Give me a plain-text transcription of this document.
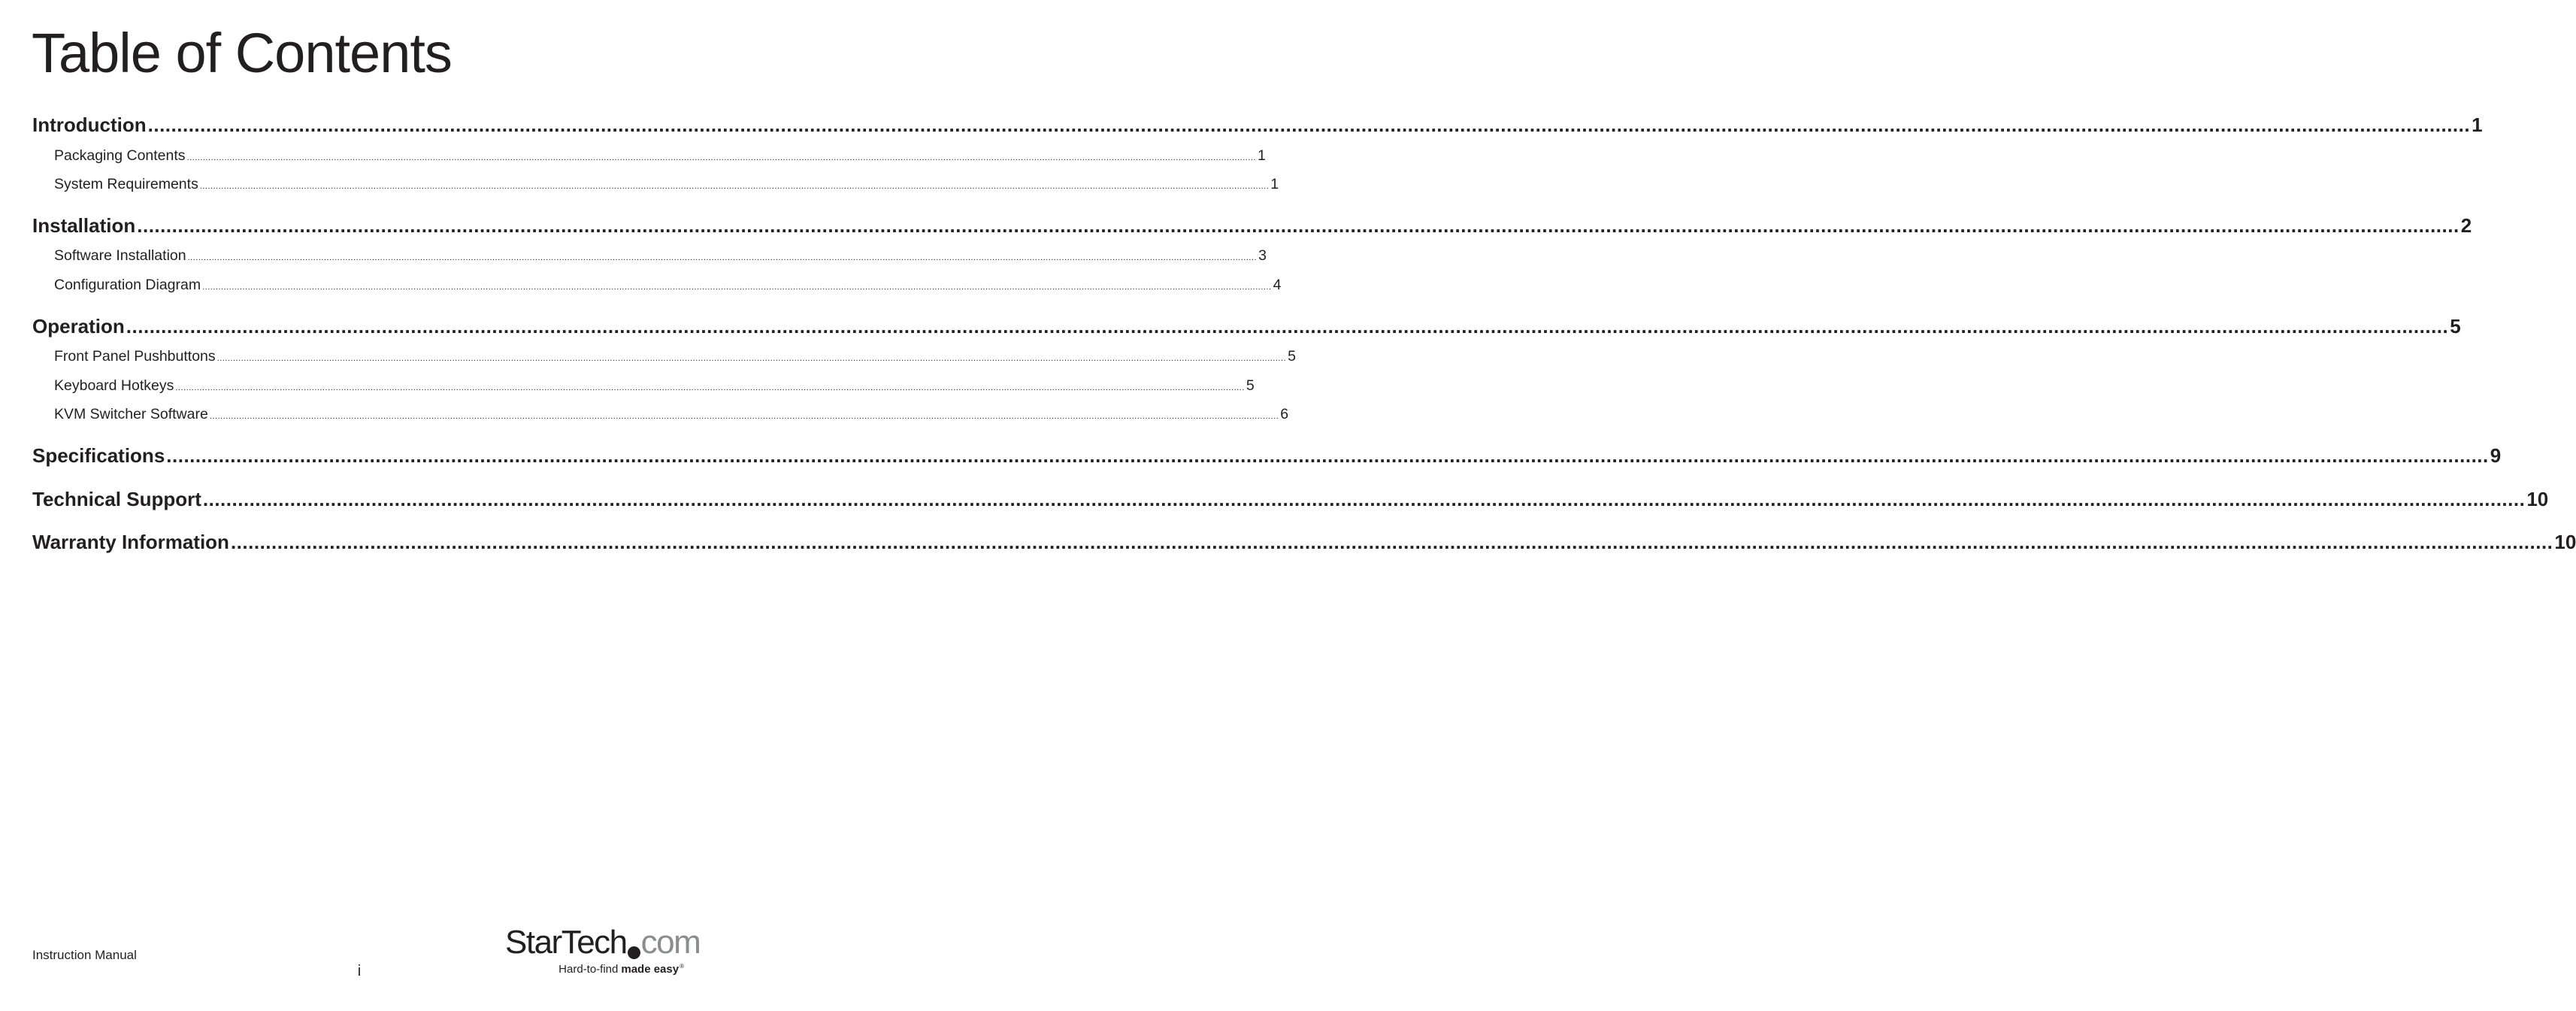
Table of Contents
Introduction ................................................................................................................................................................................................................................................................................................................................................................................................................ 1
Packaging Contents ................................................................................................................................................................................................................................................................................................................................................................................................................ 1
System Requirements ................................................................................................................................................................................................................................................................................................................................................................................................................ 1
Installation ................................................................................................................................................................................................................................................................................................................................................................................................................ 2
Software Installation ................................................................................................................................................................................................................................................................................................................................................................................................................ 3
Configuration Diagram ................................................................................................................................................................................................................................................................................................................................................................................................................ 4
Operation ................................................................................................................................................................................................................................................................................................................................................................................................................ 5
Front Panel Pushbuttons ................................................................................................................................................................................................................................................................................................................................................................................................................ 5
Keyboard Hotkeys ................................................................................................................................................................................................................................................................................................................................................................................................................ 5
KVM Switcher Software ................................................................................................................................................................................................................................................................................................................................................................................................................ 6
Specifications ................................................................................................................................................................................................................................................................................................................................................................................................................ 9
Technical Support ................................................................................................................................................................................................................................................................................................................................................................................................................ 10
Warranty Information ................................................................................................................................................................................................................................................................................................................................................................................................................ 10
Instruction Manual
i
StarTech com
Hard-to-find made easy®
